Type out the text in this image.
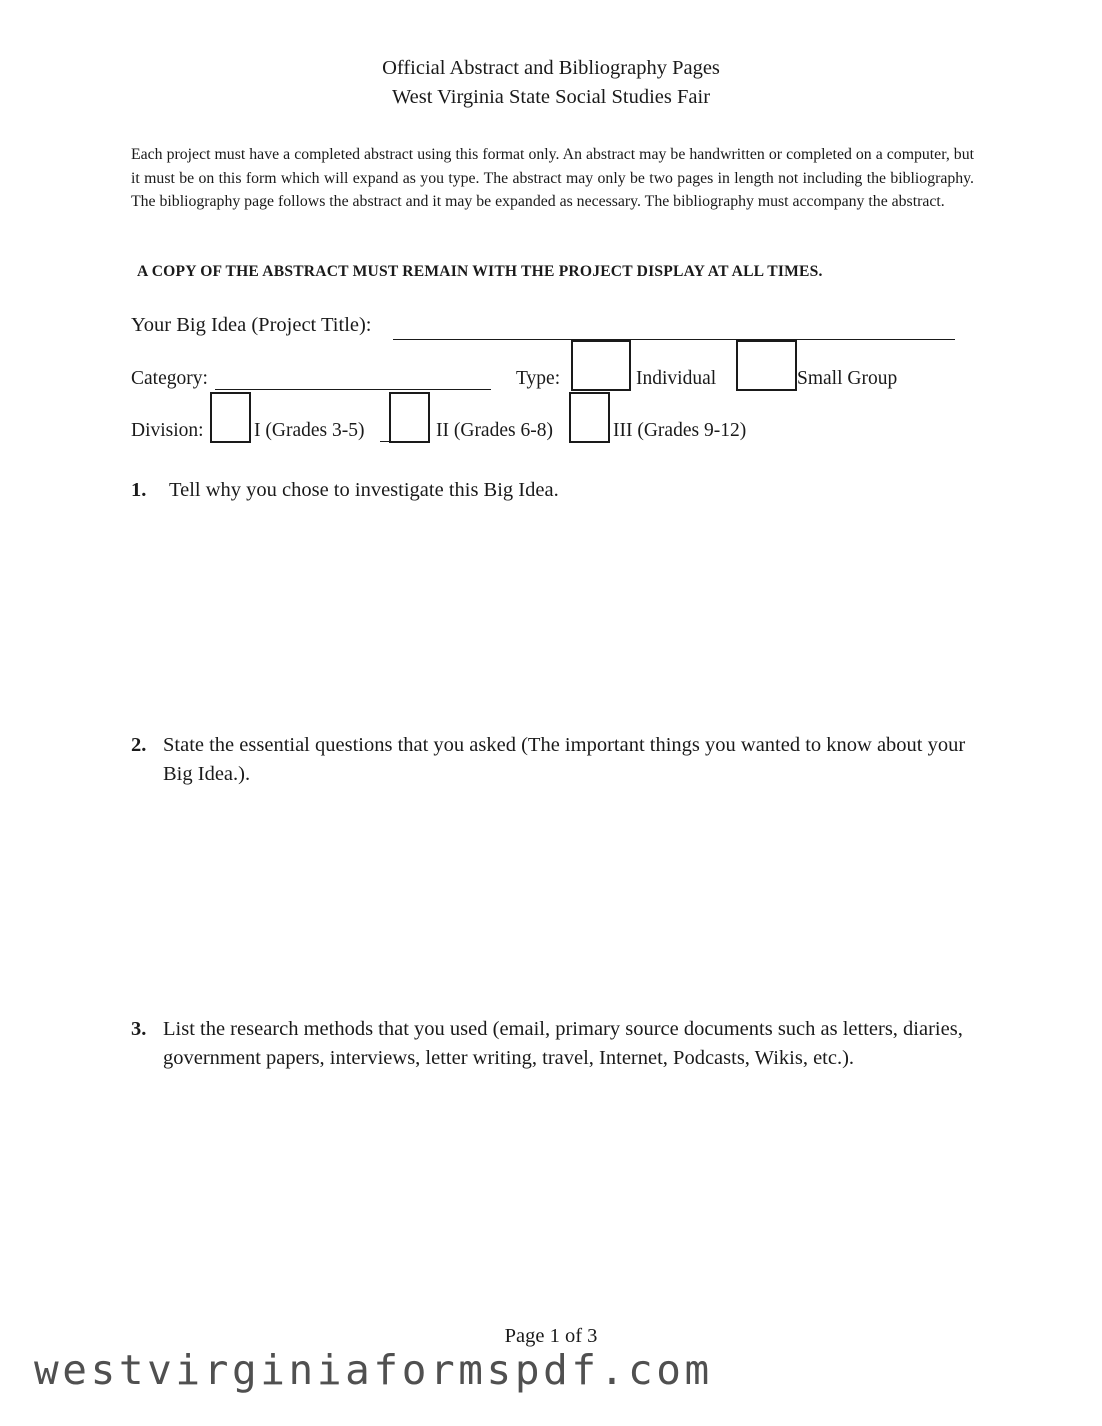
Official Abstract and Bibliography Pages
West Virginia State Social Studies Fair
Each project must have a completed abstract using this format only. An abstract may be handwritten or completed on a computer, but it must be on this form which will expand as you type. The abstract may only be two pages in length not including the bibliography. The bibliography page follows the abstract and it may be expanded as necessary. The bibliography must accompany the abstract.
A COPY OF THE ABSTRACT MUST REMAIN WITH THE PROJECT DISPLAY AT ALL TIMES.
Your Big Idea (Project Title):
Category:	Type:	Individual	Small Group
Division:	I (Grades 3-5)	II (Grades 6-8)	III (Grades 9-12)
1. Tell why you chose to investigate this Big Idea.
2. State the essential questions that you asked (The important things you wanted to know about your Big Idea.).
3. List the research methods that you used (email, primary source documents such as letters, diaries, government papers, interviews, letter writing, travel, Internet, Podcasts, Wikis, etc.).
Page 1 of 3
westvirginiaformspdf.com
